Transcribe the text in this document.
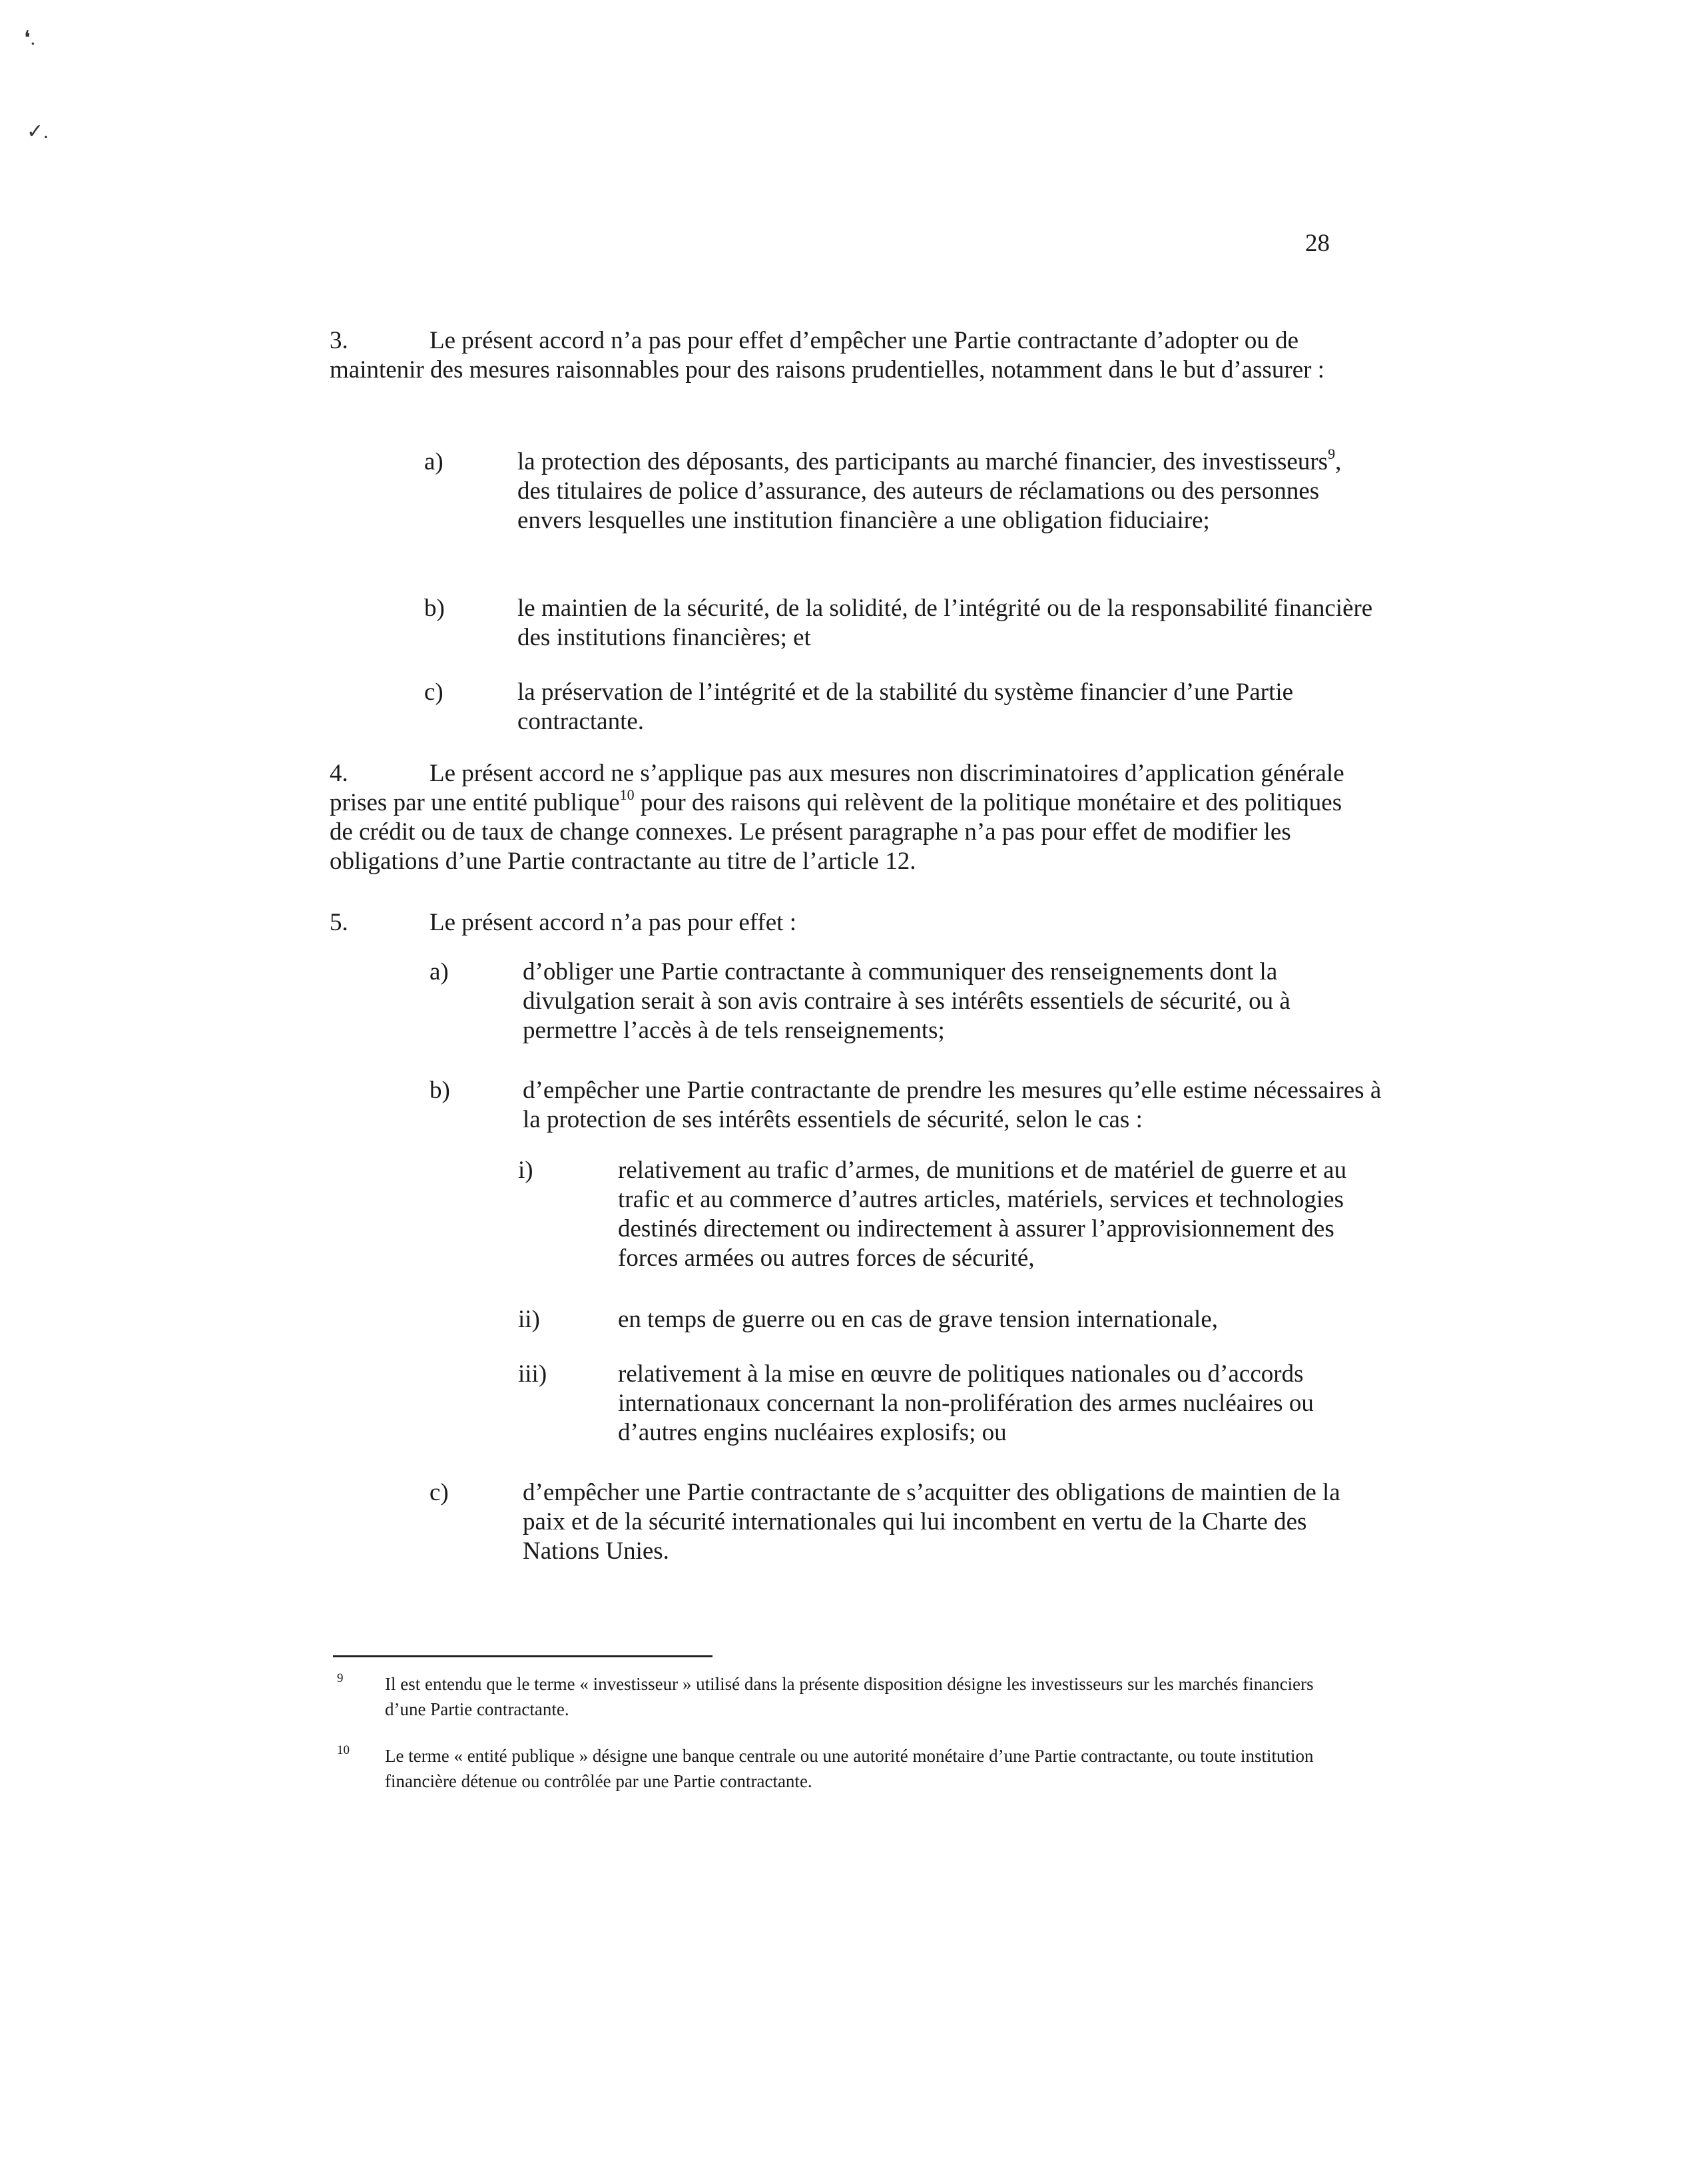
❛.
✓.
28
3.	Le présent accord n’a pas pour effet d’empêcher une Partie contractante d’adopter ou de maintenir des mesures raisonnables pour des raisons prudentielles, notamment dans le but d’assurer :
a)	la protection des déposants, des participants au marché financier, des investisseurs$^9$, des titulaires de police d’assurance, des auteurs de réclamations ou des personnes envers lesquelles une institution financière a une obligation fiduciaire;
b)	le maintien de la sécurité, de la solidité, de l’intégrité ou de la responsabilité financière des institutions financières; et
c)	la préservation de l’intégrité et de la stabilité du système financier d’une Partie contractante.
4.	Le présent accord ne s’applique pas aux mesures non discriminatoires d’application générale prises par une entité publique$^{10}$ pour des raisons qui relèvent de la politique monétaire et des politiques de crédit ou de taux de change connexes. Le présent paragraphe n’a pas pour effet de modifier les obligations d’une Partie contractante au titre de l’article 12.
5.	Le présent accord n’a pas pour effet :
a)	d’obliger une Partie contractante à communiquer des renseignements dont la divulgation serait à son avis contraire à ses intérêts essentiels de sécurité, ou à permettre l’accès à de tels renseignements;
b)	d’empêcher une Partie contractante de prendre les mesures qu’elle estime nécessaires à la protection de ses intérêts essentiels de sécurité, selon le cas :
i)	relativement au trafic d’armes, de munitions et de matériel de guerre et au trafic et au commerce d’autres articles, matériels, services et technologies destinés directement ou indirectement à assurer l’approvisionnement des forces armées ou autres forces de sécurité,
ii)	en temps de guerre ou en cas de grave tension internationale,
iii)	relativement à la mise en œuvre de politiques nationales ou d’accords internationaux concernant la non-prolifération des armes nucléaires ou d’autres engins nucléaires explosifs; ou
c)	d’empêcher une Partie contractante de s’acquitter des obligations de maintien de la paix et de la sécurité internationales qui lui incombent en vertu de la Charte des Nations Unies.
9 Il est entendu que le terme « investisseur » utilisé dans la présente disposition désigne les investisseurs sur les marchés financiers d’une Partie contractante.
10 Le terme « entité publique » désigne une banque centrale ou une autorité monétaire d’une Partie contractante, ou toute institution financière détenue ou contrôlée par une Partie contractante.
